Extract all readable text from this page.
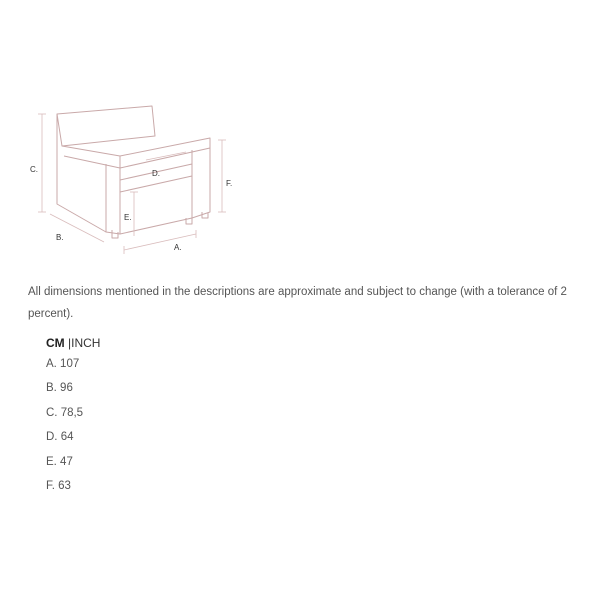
C.
B.
A.
D.
E.
F.

All dimensions mentioned in the descriptions are approximate and subject to change (with a tolerance of 2 percent).

CM |INCH
A. 107
B. 96
C. 78,5
D. 64
E. 47
F. 63
